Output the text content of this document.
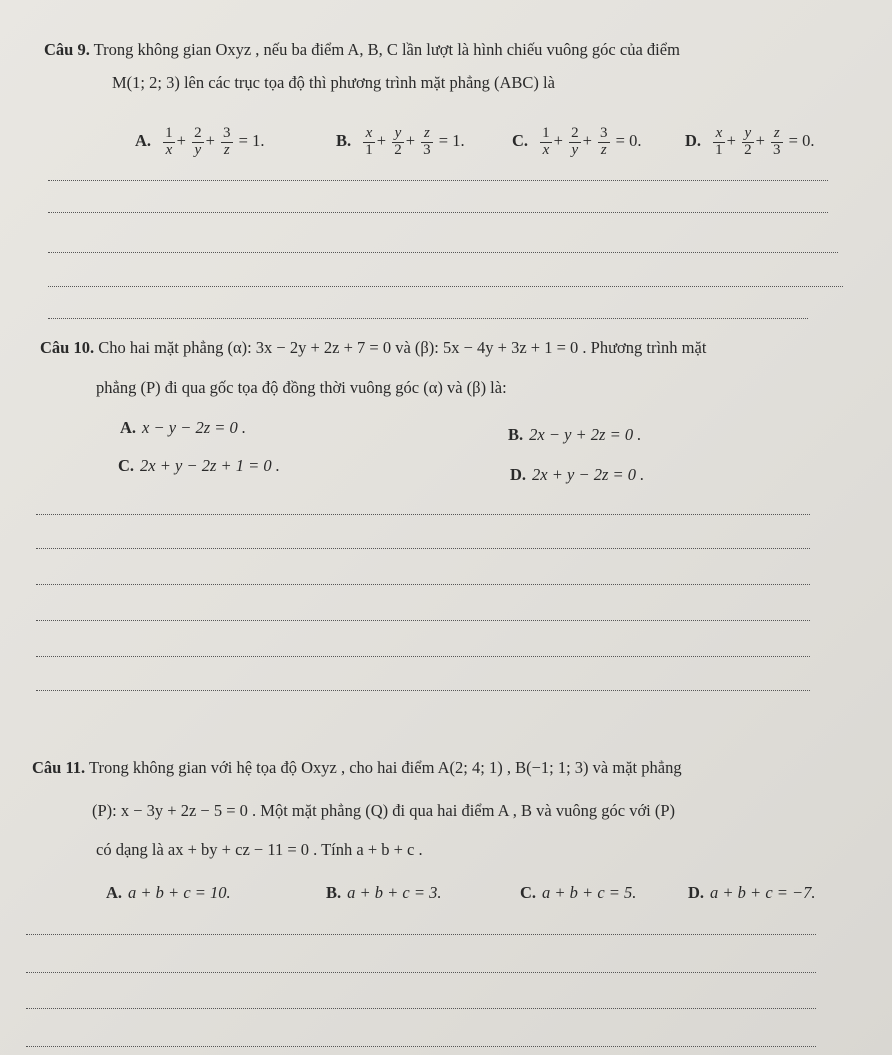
Câu 9. Trong không gian Oxyz , nếu ba điểm A, B, C lần lượt là hình chiếu vuông góc của điểm
M(1; 2; 3) lên các trục tọa độ thì phương trình mặt phẳng (ABC) là
A. $\frac{1}{x} + \frac{2}{y} + \frac{3}{z} = 1$.	B. $\frac{x}{1} + \frac{y}{2} + \frac{z}{3} = 1$.	C. $\frac{1}{x} + \frac{2}{y} + \frac{3}{z} = 0$.	D. $\frac{x}{1} + \frac{y}{2} + \frac{z}{3} = 0$.
Câu 10. Cho hai mặt phẳng (α): 3x − 2y + 2z + 7 = 0 và (β): 5x − 4y + 3z + 1 = 0 . Phương trình mặt
phẳng (P) đi qua gốc tọa độ đồng thời vuông góc (α) và (β) là:
A. x − y − 2z = 0 .	B. 2x − y + 2z = 0 .
C. 2x + y − 2z + 1 = 0 .	D. 2x + y − 2z = 0 .
Câu 11. Trong không gian với hệ tọa độ Oxyz , cho hai điểm A(2; 4; 1) , B(−1; 1; 3) và mặt phẳng
(P): x − 3y + 2z − 5 = 0 . Một mặt phẳng (Q) đi qua hai điểm A , B và vuông góc với (P)
có dạng là ax + by + cz − 11 = 0 . Tính a + b + c .
A. a + b + c = 10.	B. a + b + c = 3.	C. a + b + c = 5.	D. a + b + c = −7.
